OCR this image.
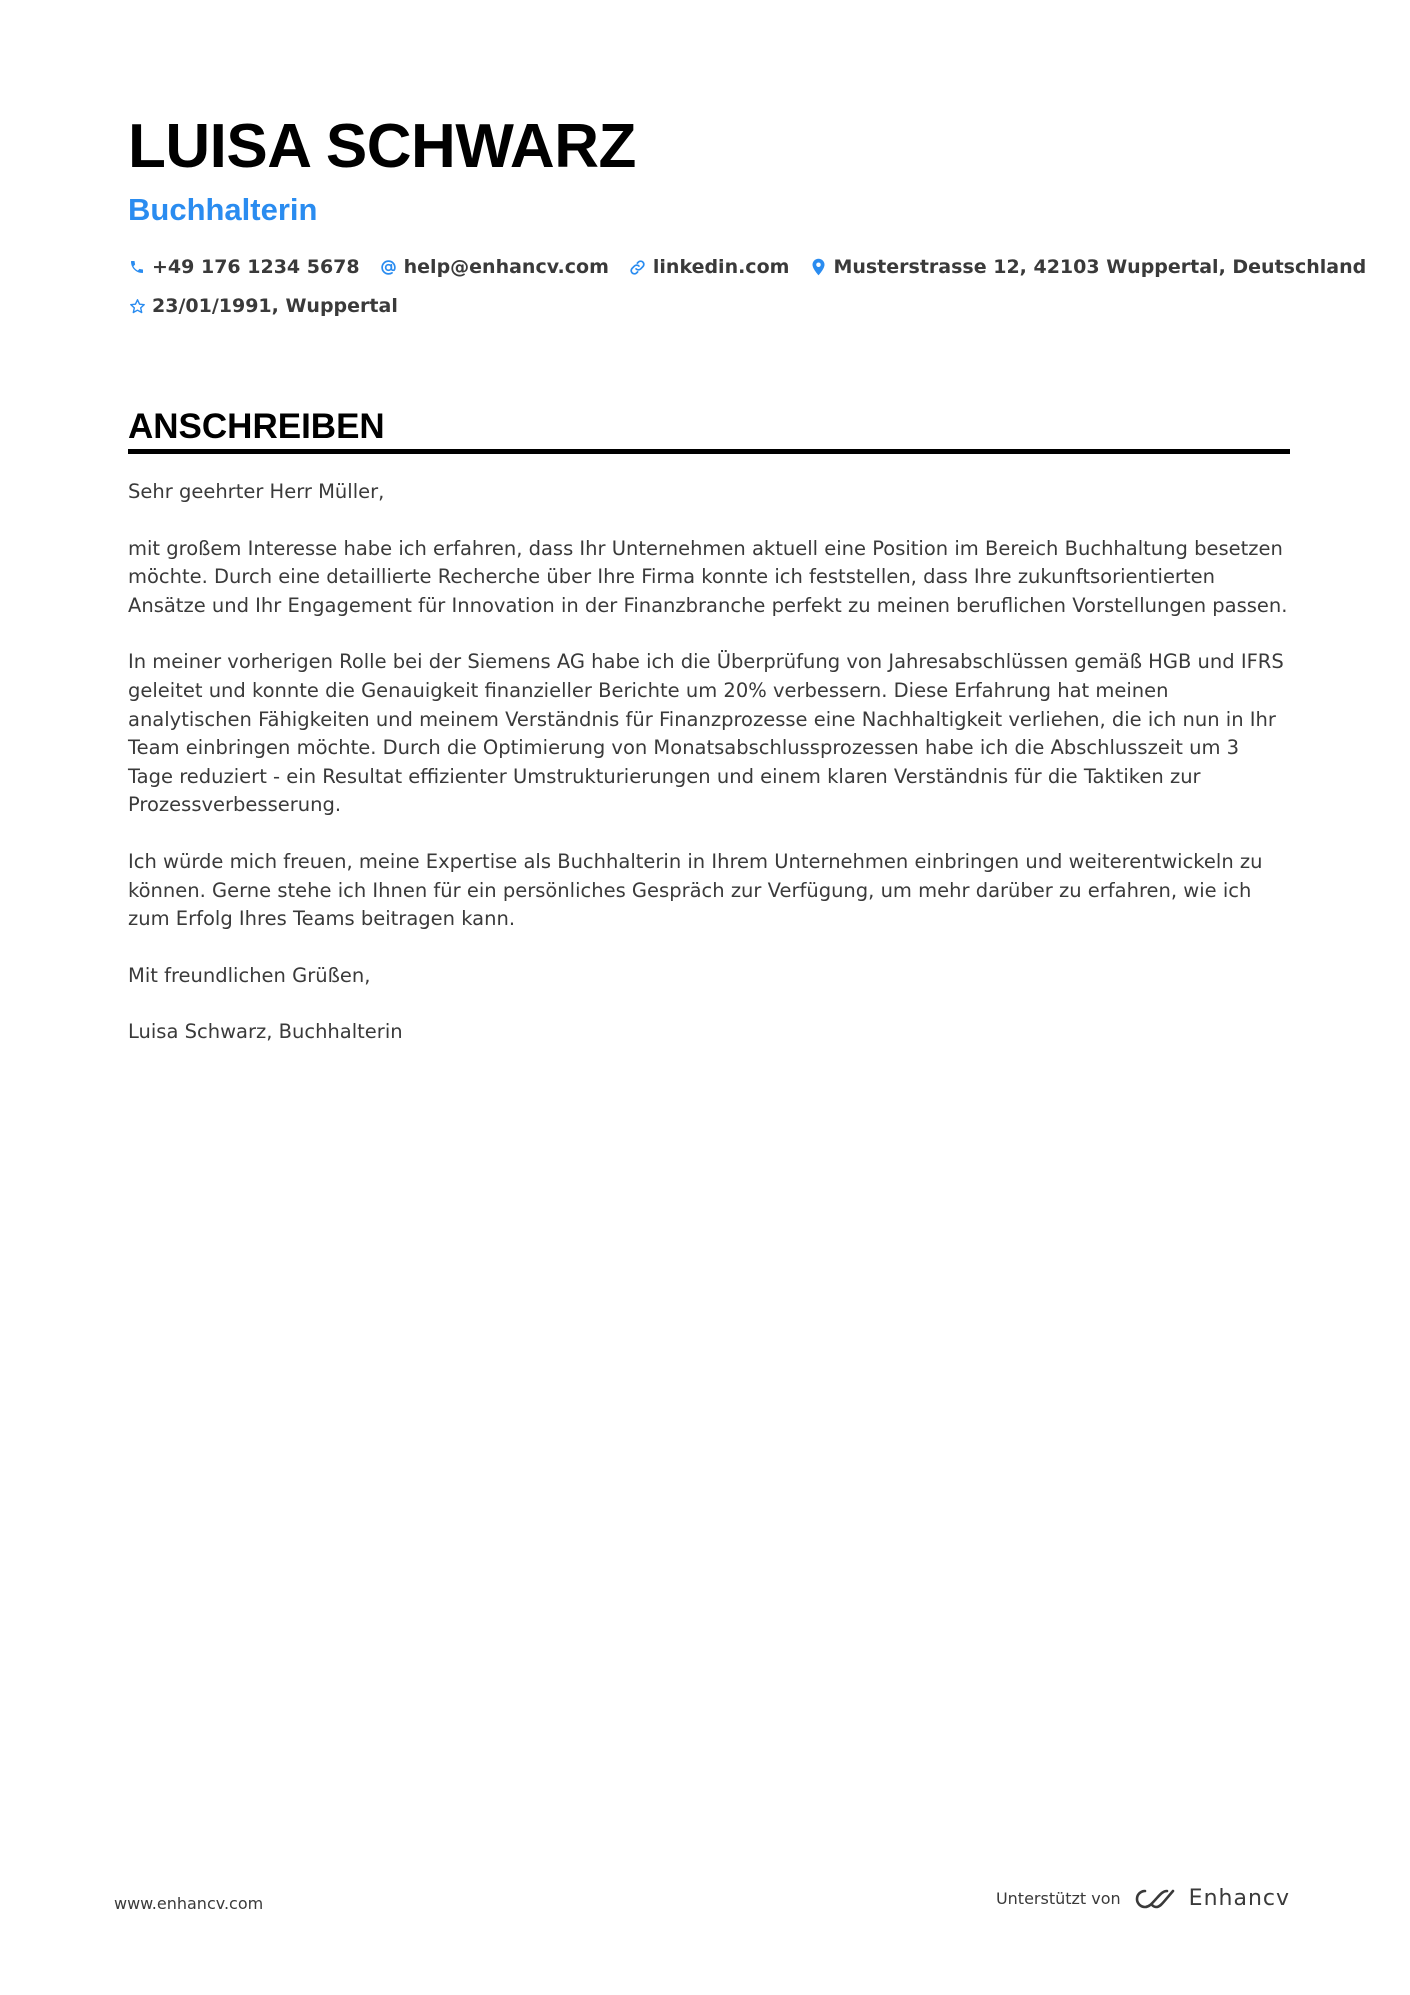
LUISA SCHWARZ
Buchhalterin
+49 176 1234 5678 help@enhancv.com linkedin.com Musterstrasse 12, 42103 Wuppertal, Deutschland
23/01/1991, Wuppertal
ANSCHREIBEN

Sehr geehrter Herr Müller,

mit großem Interesse habe ich erfahren, dass Ihr Unternehmen aktuell eine Position im Bereich Buchhaltung besetzen möchte. Durch eine detaillierte Recherche über Ihre Firma konnte ich feststellen, dass Ihre zukunftsorientierten Ansätze und Ihr Engagement für Innovation in der Finanzbranche perfekt zu meinen beruflichen Vorstellungen passen.

In meiner vorherigen Rolle bei der Siemens AG habe ich die Überprüfung von Jahresabschlüssen gemäß HGB und IFRS geleitet und konnte die Genauigkeit finanzieller Berichte um 20% verbessern. Diese Erfahrung hat meinen analytischen Fähigkeiten und meinem Verständnis für Finanzprozesse eine Nachhaltigkeit verliehen, die ich nun in Ihr Team einbringen möchte. Durch die Optimierung von Monatsabschlussprozessen habe ich die Abschlusszeit um 3 Tage reduziert - ein Resultat effizienter Umstrukturierungen und einem klaren Verständnis für die Taktiken zur Prozessverbesserung.

Ich würde mich freuen, meine Expertise als Buchhalterin in Ihrem Unternehmen einbringen und weiterentwickeln zu können. Gerne stehe ich Ihnen für ein persönliches Gespräch zur Verfügung, um mehr darüber zu erfahren, wie ich zum Erfolg Ihres Teams beitragen kann.

Mit freundlichen Grüßen,

Luisa Schwarz, Buchhalterin

www.enhancv.com	Unterstützt von	Enhancv
